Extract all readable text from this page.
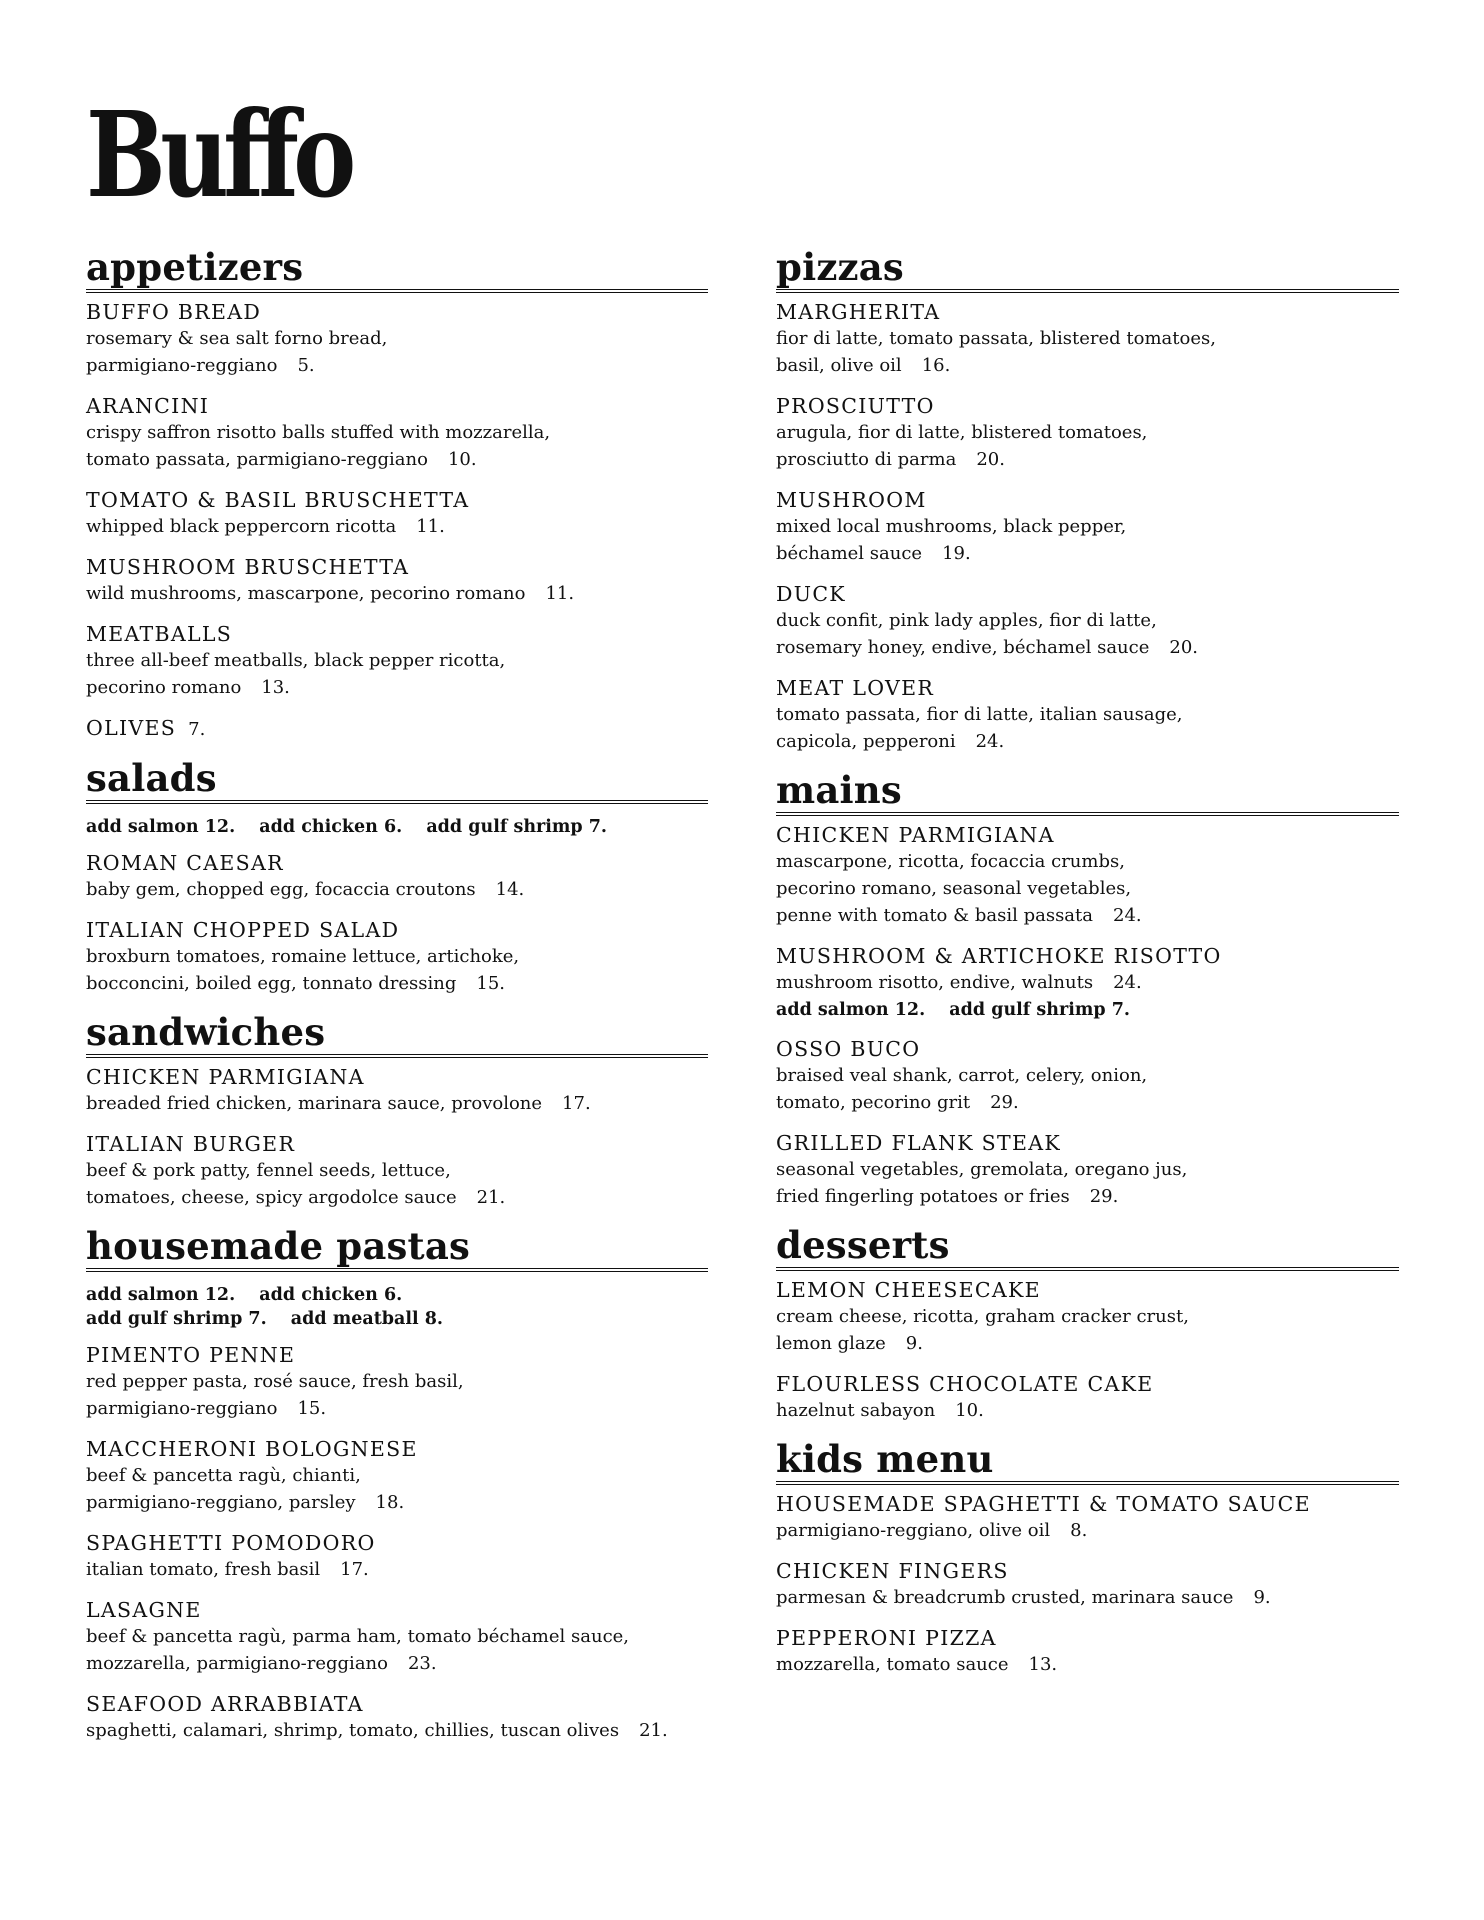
Buffo
appetizers
BUFFO BREAD
rosemary & sea salt forno bread,
parmigiano-reggiano 5.
ARANCINI
crispy saffron risotto balls stuffed with mozzarella,
tomato passata, parmigiano-reggiano 10.
TOMATO & BASIL BRUSCHETTA
whipped black peppercorn ricotta 11.
MUSHROOM BRUSCHETTA
wild mushrooms, mascarpone, pecorino romano 11.
MEATBALLS
three all-beef meatballs, black pepper ricotta,
pecorino romano 13.
OLIVES 7.
salads
add salmon 12. add chicken 6. add gulf shrimp 7.
ROMAN CAESAR
baby gem, chopped egg, focaccia croutons 14.
ITALIAN CHOPPED SALAD
broxburn tomatoes, romaine lettuce, artichoke,
bocconcini, boiled egg, tonnato dressing 15.
sandwiches
CHICKEN PARMIGIANA
breaded fried chicken, marinara sauce, provolone 17.
ITALIAN BURGER
beef & pork patty, fennel seeds, lettuce,
tomatoes, cheese, spicy argodolce sauce 21.
housemade pastas
add salmon 12. add chicken 6.
add gulf shrimp 7. add meatball 8.
PIMENTO PENNE
red pepper pasta, rosé sauce, fresh basil,
parmigiano-reggiano 15.
MACCHERONI BOLOGNESE
beef & pancetta ragù, chianti,
parmigiano-reggiano, parsley 18.
SPAGHETTI POMODORO
italian tomato, fresh basil 17.
LASAGNE
beef & pancetta ragù, parma ham, tomato béchamel sauce,
mozzarella, parmigiano-reggiano 23.
SEAFOOD ARRABBIATA
spaghetti, calamari, shrimp, tomato, chillies, tuscan olives 21.
pizzas
MARGHERITA
fior di latte, tomato passata, blistered tomatoes,
basil, olive oil 16.
PROSCIUTTO
arugula, fior di latte, blistered tomatoes,
prosciutto di parma 20.
MUSHROOM
mixed local mushrooms, black pepper,
béchamel sauce 19.
DUCK
duck confit, pink lady apples, fior di latte,
rosemary honey, endive, béchamel sauce 20.
MEAT LOVER
tomato passata, fior di latte, italian sausage,
capicola, pepperoni 24.
mains
CHICKEN PARMIGIANA
mascarpone, ricotta, focaccia crumbs,
pecorino romano, seasonal vegetables,
penne with tomato & basil passata 24.
MUSHROOM & ARTICHOKE RISOTTO
mushroom risotto, endive, walnuts 24.
add salmon 12. add gulf shrimp 7.
OSSO BUCO
braised veal shank, carrot, celery, onion,
tomato, pecorino grit 29.
GRILLED FLANK STEAK
seasonal vegetables, gremolata, oregano jus,
fried fingerling potatoes or fries 29.
desserts
LEMON CHEESECAKE
cream cheese, ricotta, graham cracker crust,
lemon glaze 9.
FLOURLESS CHOCOLATE CAKE
hazelnut sabayon 10.
kids menu
HOUSEMADE SPAGHETTI & TOMATO SAUCE
parmigiano-reggiano, olive oil 8.
CHICKEN FINGERS
parmesan & breadcrumb crusted, marinara sauce 9.
PEPPERONI PIZZA
mozzarella, tomato sauce 13.
